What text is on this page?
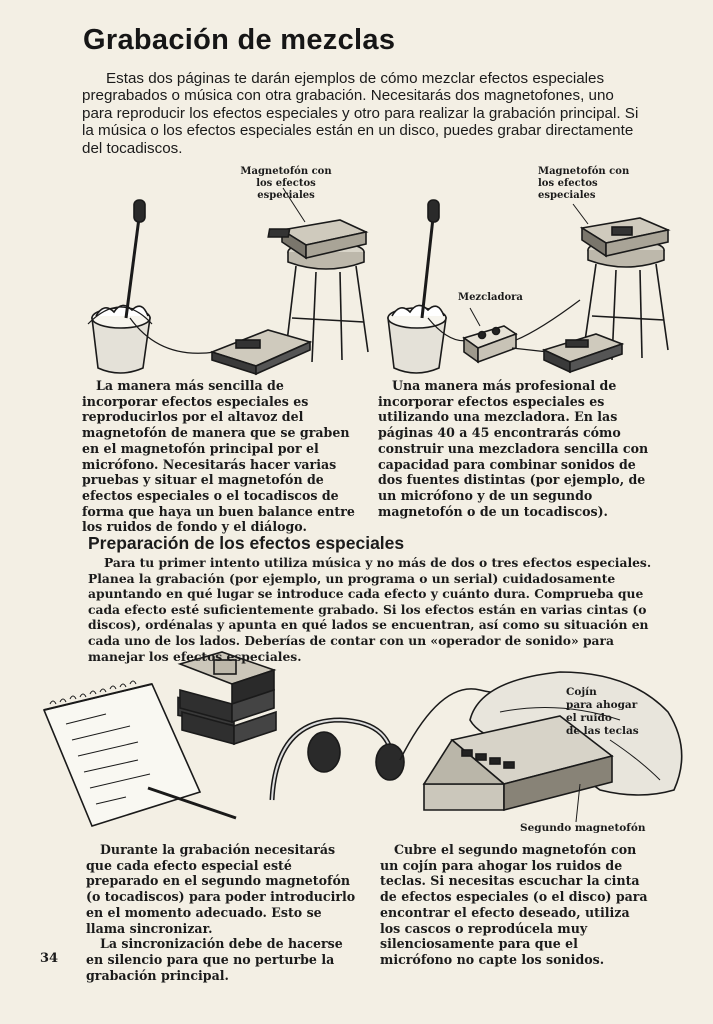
Grabación de mezclas

Estas dos páginas te darán ejemplos de cómo mezclar efectos especiales pregrabados o música con otra grabación. Necesitarás dos magnetofones, uno para reproducir los efectos especiales y otro para realizar la grabación principal. Si la música o los efectos especiales están en un disco, puedes grabar directamente del tocadiscos.

Magnetofón con
los efectos
especiales
Magnetofón con
los efectos
especiales
Mezcladora

La manera más sencilla de incorporar efectos especiales es reproducirlos por el altavoz del magnetofón de manera que se graben en el magnetofón principal por el micrófono. Necesitarás hacer varias pruebas y situar el magnetofón de efectos especiales o el tocadiscos de forma que haya un buen balance entre los ruidos de fondo y el diálogo.

Una manera más profesional de incorporar efectos especiales es utilizando una mezcladora. En las páginas 40 a 45 encontrarás cómo construir una mezcladora sencilla con capacidad para combinar sonidos de dos fuentes distintas (por ejemplo, de un micrófono y de un segundo magnetofón o de un tocadiscos).

Preparación de los efectos especiales

Para tu primer intento utiliza música y no más de dos o tres efectos especiales. Planea la grabación (por ejemplo, un programa o un serial) cuidadosamente apuntando en qué lugar se introduce cada efecto y cuánto dura. Comprueba que cada efecto esté suficientemente grabado. Si los efectos están en varias cintas (o discos), ordénalas y apunta en qué lados se encuentran, así como su situación en cada uno de los lados. Deberías de contar con un «operador de sonido» para manejar los efectos especiales.

Cojín
para ahogar
el ruido
de las teclas
Segundo magnetofón

Durante la grabación necesitarás que cada efecto especial esté preparado en el segundo magnetofón (o tocadiscos) para poder introducirlo en el momento adecuado. Esto se llama sincronizar.

La sincronización debe de hacerse en silencio para que no perturbe la grabación principal.

Cubre el segundo magnetofón con un cojín para ahogar los ruidos de teclas. Si necesitas escuchar la cinta de efectos especiales (o el disco) para encontrar el efecto deseado, utiliza los cascos o reprodúcela muy silenciosamente para que el micrófono no capte los sonidos.

34
